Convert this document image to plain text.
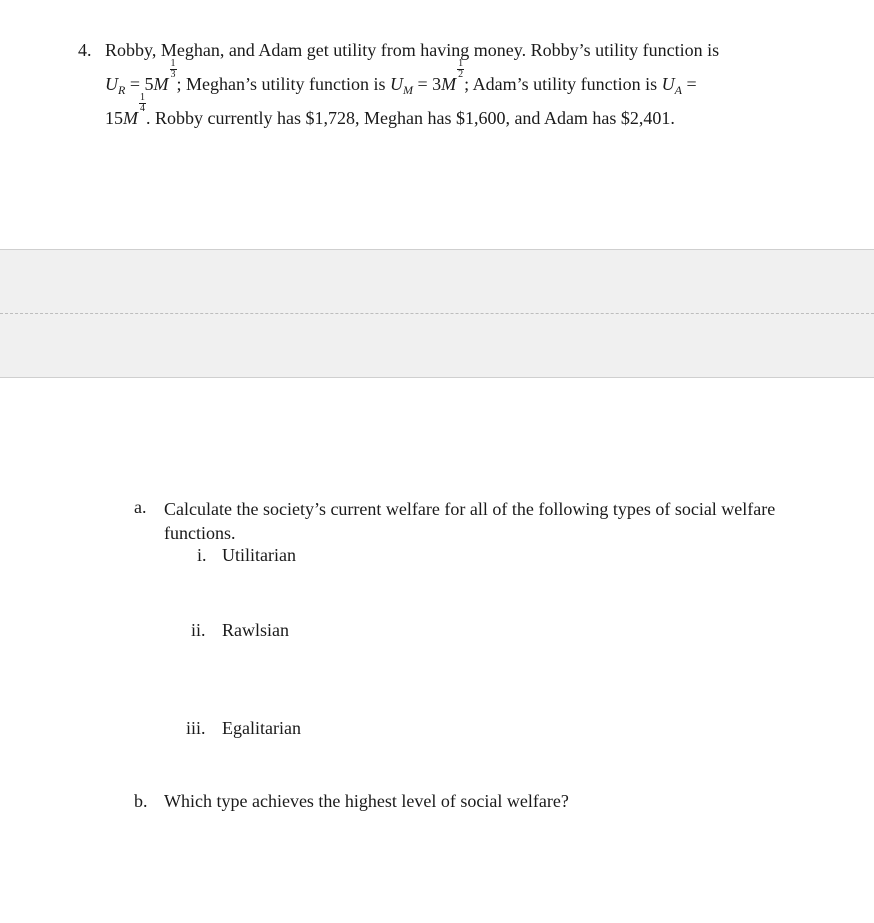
4. Robby, Meghan, and Adam get utility from having money. Robby’s utility function is
$U_R = 5M$
$\frac{1}{3}$
; Meghan’s utility function is $U_M = 3M$
$\frac{1}{2}$
; Adam’s utility function is $U_A$ =
15M
$\frac{1}{4}$
. Robby currently has $1,728, Meghan has $1,600, and Adam has $2,401.
a. Calculate the society’s current welfare for all of the following types of social welfare functions.
i. Utilitarian
ii. Rawlsian
iii. Egalitarian
b. Which type achieves the highest level of social welfare?
